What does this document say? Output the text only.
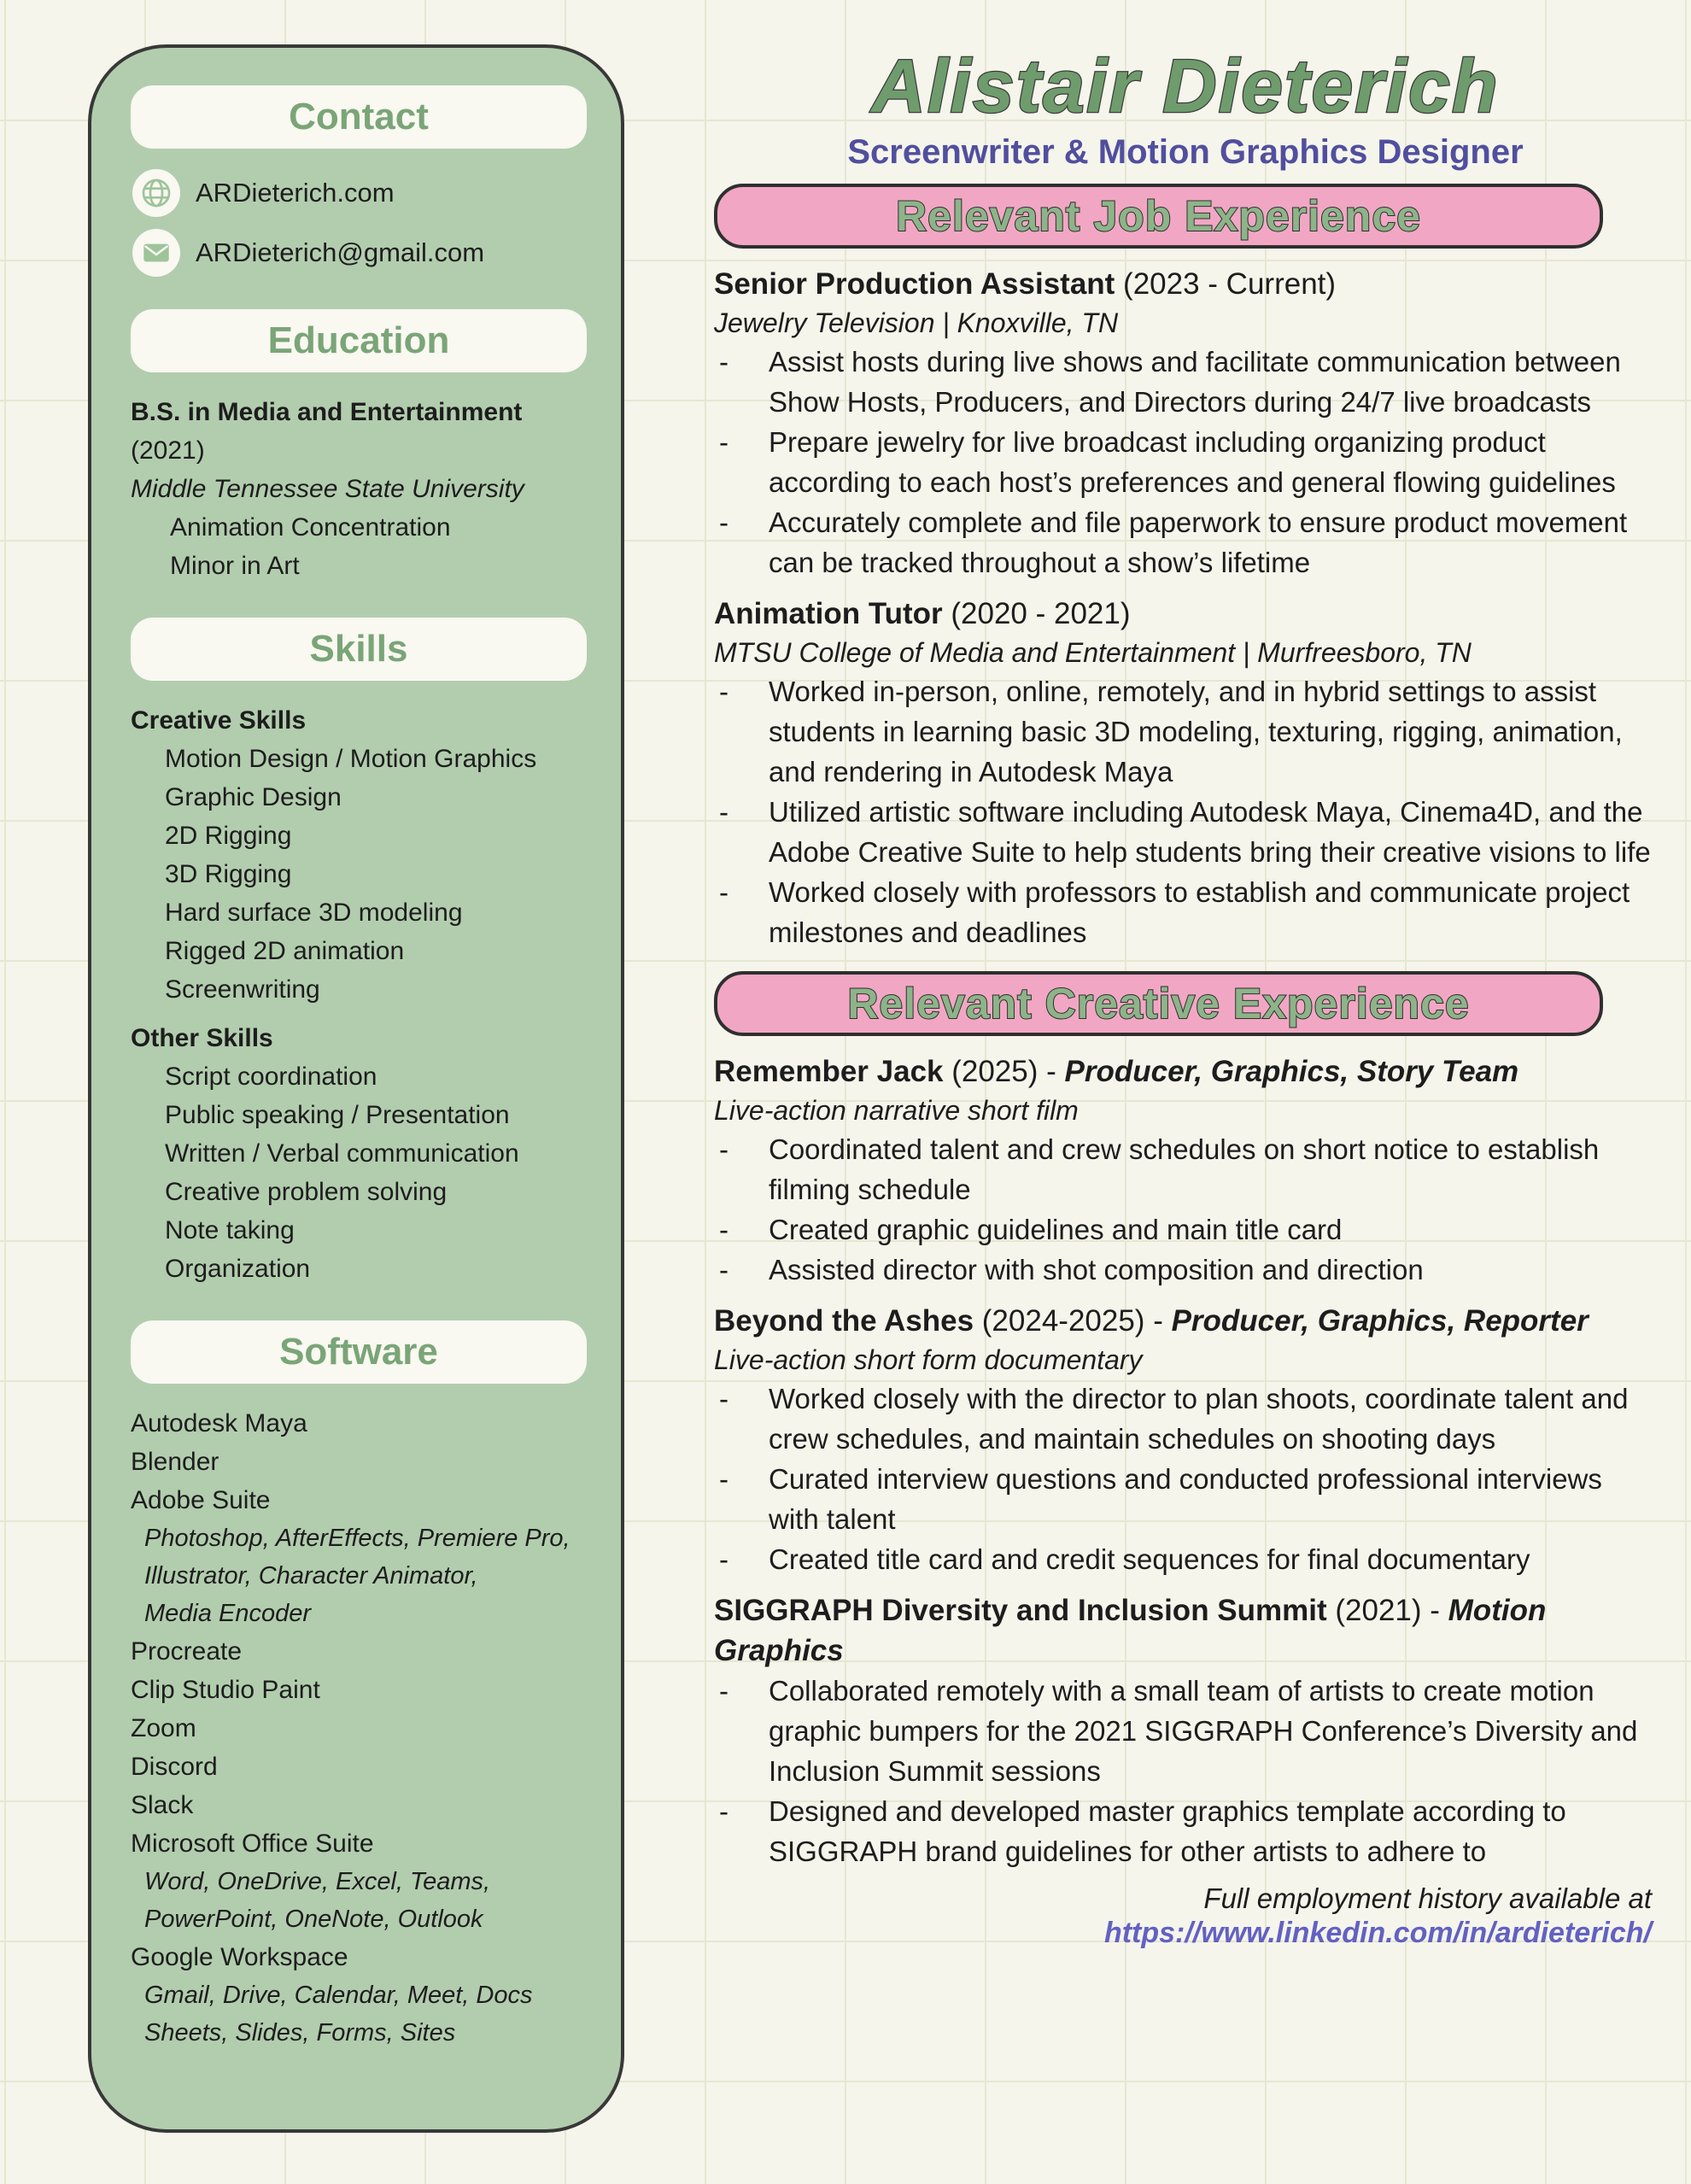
Contact
ARDieterich.com
ARDieterich@gmail.com
Education
B.S. in Media and Entertainment
(2021)
Middle Tennessee State University
Animation Concentration
Minor in Art
Skills
Creative Skills
Motion Design / Motion Graphics
Graphic Design
2D Rigging
3D Rigging
Hard surface 3D modeling
Rigged 2D animation
Screenwriting
Other Skills
Script coordination
Public speaking / Presentation
Written / Verbal communication
Creative problem solving
Note taking
Organization
Software
Autodesk Maya
Blender
Adobe Suite
Photoshop, AfterEffects, Premiere Pro,
Illustrator, Character Animator,
Media Encoder
Procreate
Clip Studio Paint
Zoom
Discord
Slack
Microsoft Office Suite
Word, OneDrive, Excel, Teams,
PowerPoint, OneNote, Outlook
Google Workspace
Gmail, Drive, Calendar, Meet, Docs
Sheets, Slides, Forms, Sites
Alistair Dieterich
Screenwriter & Motion Graphics Designer
Relevant Job Experience
Senior Production Assistant (2023 - Current)
Jewelry Television | Knoxville, TN
-	Assist hosts during live shows and facilitate communication between Show Hosts, Producers, and Directors during 24/7 live broadcasts
-	Prepare jewelry for live broadcast including organizing product according to each host’s preferences and general flowing guidelines
-	Accurately complete and file paperwork to ensure product movement can be tracked throughout a show’s lifetime
Animation Tutor (2020 - 2021)
MTSU College of Media and Entertainment | Murfreesboro, TN
-	Worked in-person, online, remotely, and in hybrid settings to assist students in learning basic 3D modeling, texturing, rigging, animation, and rendering in Autodesk Maya
-	Utilized artistic software including Autodesk Maya, Cinema4D, and the Adobe Creative Suite to help students bring their creative visions to life
-	Worked closely with professors to establish and communicate project milestones and deadlines
Relevant Creative Experience
Remember Jack (2025) - Producer, Graphics, Story Team
Live-action narrative short film
-	Coordinated talent and crew schedules on short notice to establish filming schedule
-	Created graphic guidelines and main title card
-	Assisted director with shot composition and direction
Beyond the Ashes (2024-2025) - Producer, Graphics, Reporter
Live-action short form documentary
-	Worked closely with the director to plan shoots, coordinate talent and crew schedules, and maintain schedules on shooting days
-	Curated interview questions and conducted professional interviews with talent
-	Created title card and credit sequences for final documentary
SIGGRAPH Diversity and Inclusion Summit (2021) - Motion Graphics
-	Collaborated remotely with a small team of artists to create motion graphic bumpers for the 2021 SIGGRAPH Conference’s Diversity and Inclusion Summit sessions
-	Designed and developed master graphics template according to SIGGRAPH brand guidelines for other artists to adhere to
Full employment history available at
https://www.linkedin.com/in/ardieterich/
